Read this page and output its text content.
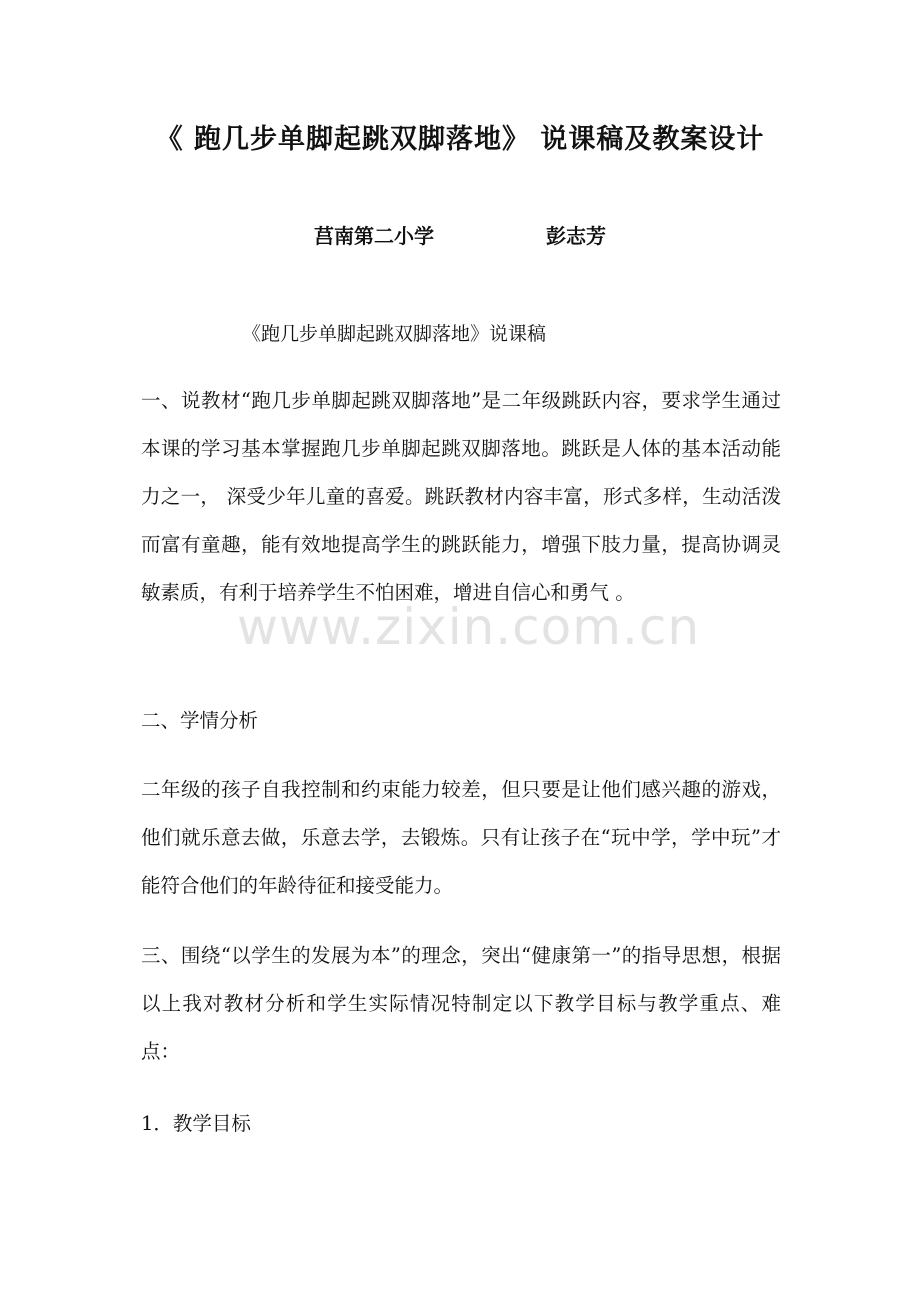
《 跑几步单脚起跳双脚落地》 说课稿及教案设计
莒南第二小学	彭志芳

《跑几步单脚起跳双脚落地》说课稿

一、说教材“跑几步单脚起跳双脚落地”是二年级跳跃内容，要求学生通过本课的学习基本掌握跑几步单脚起跳双脚落地。跳跃是人体的基本活动能力之一， 深受少年儿童的喜爱。跳跃教材内容丰富，形式多样，生动活泼而富有童趣，能有效地提高学生的跳跃能力，增强下肢力量，提高协调灵敏素质，有利于培养学生不怕困难，增进自信心和勇气 。

二、学情分析

二年级的孩子自我控制和约束能力较差，但只要是让他们感兴趣的游戏，他们就乐意去做，乐意去学，去锻炼。只有让孩子在“玩中学，学中玩”才能符合他们的年龄待征和接受能力。

三、围绕“以学生的发展为本”的理念，突出“健康第一”的指导思想，根据以上我对教材分析和学生实际情况特制定以下教学目标与教学重点、难点：

1．教学目标

www.zixin.com.cn
